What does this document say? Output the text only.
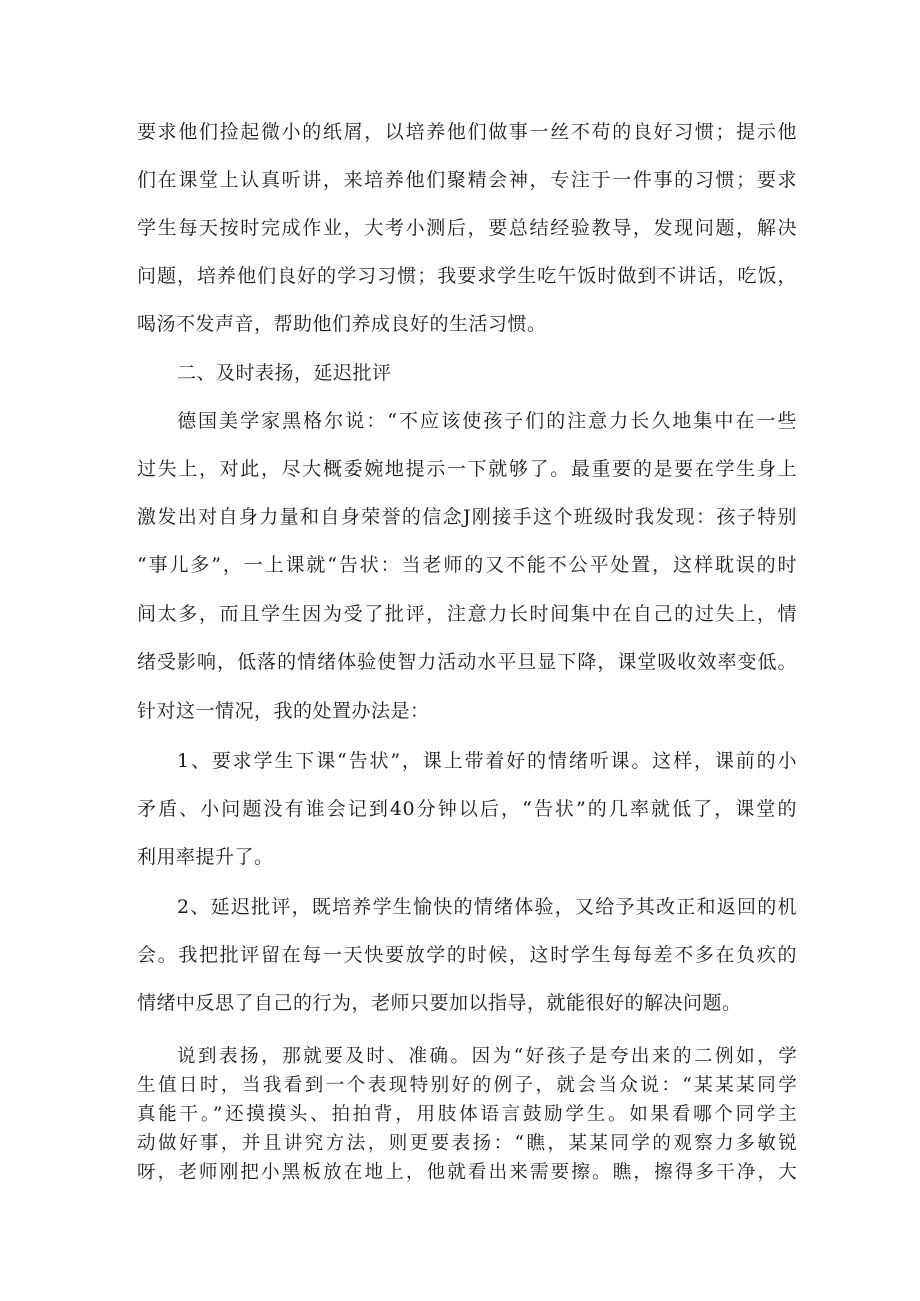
要求他们捡起微小的纸屑，以培养他们做事一丝不苟的良好习惯；提示他
们在课堂上认真听讲，来培养他们聚精会神，专注于一件事的习惯；要求
学生每天按时完成作业，大考小测后，要总结经验教导，发现问题，解决
问题，培养他们良好的学习习惯；我要求学生吃午饭时做到不讲话，吃饭，
喝汤不发声音，帮助他们养成良好的生活习惯。
二、及时表扬，延迟批评
德国美学家黑格尔说：“不应该使孩子们的注意力长久地集中在一些
过失上，对此，尽大概委婉地提示一下就够了。最重要的是要在学生身上
激发出对自身力量和自身荣誉的信念J刚接手这个班级时我发现：孩子特别
“事儿多”，一上课就“告状：当老师的又不能不公平处置，这样耽误的时
间太多，而且学生因为受了批评，注意力长时间集中在自己的过失上，情
绪受影响，低落的情绪体验使智力活动水平旦显下降，课堂吸收效率变低。
针对这一情况，我的处置办法是：
1、要求学生下课“告状”，课上带着好的情绪听课。这样，课前的小
矛盾、小问题没有谁会记到40分钟以后，“告状”的几率就低了，课堂的
利用率提升了。
2、延迟批评，既培养学生愉快的情绪体验，又给予其改正和返回的机
会。我把批评留在每一天快要放学的时候，这时学生每每差不多在负疚的
情绪中反思了自己的行为，老师只要加以指导，就能很好的解决问题。
说到表扬，那就要及时、准确。因为“好孩子是夸出来的二例如，学
生值日时，当我看到一个表现特别好的例子，就会当众说：“某某某同学
真能干。”还摸摸头、拍拍背，用肢体语言鼓励学生。如果看哪个同学主
动做好事，并且讲究方法，则更要表扬：“瞧，某某同学的观察力多敏锐
呀，老师刚把小黑板放在地上，他就看出来需要擦。瞧，擦得多干净，大
